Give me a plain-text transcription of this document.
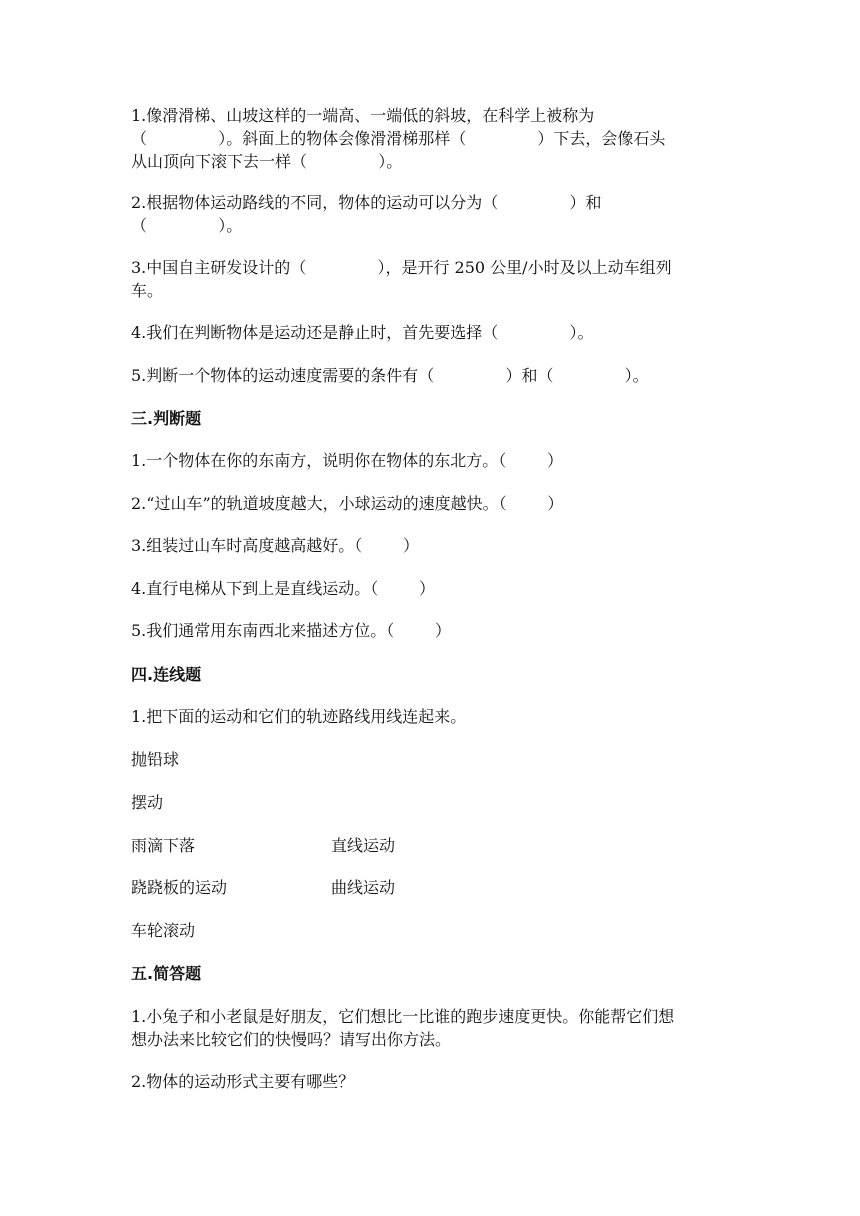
1.像滑滑梯、山坡这样的一端高、一端低的斜坡，在科学上被称为
（              ）。斜面上的物体会像滑滑梯那样（              ）下去，会像石头
从山顶向下滚下去一样（              ）。
2.根据物体运动路线的不同，物体的运动可以分为（              ）和
（              ）。
3.中国自主研发设计的（              ），是开行 250 公里/小时及以上动车组列
车。
4.我们在判断物体是运动还是静止时，首先要选择（              ）。
5.判断一个物体的运动速度需要的条件有（              ）和（              ）。
三.判断题
1.一个物体在你的东南方，说明你在物体的东北方。（        ）
2.“过山车”的轨道坡度越大，小球运动的速度越快。（        ）
3.组装过山车时高度越高越好。（        ）
4.直行电梯从下到上是直线运动。（        ）
5.我们通常用东南西北来描述方位。（        ）
四.连线题
1.把下面的运动和它们的轨迹路线用线连起来。
抛铅球
摆动
雨滴下落	直线运动
跷跷板的运动	曲线运动
车轮滚动
五.简答题
1.小兔子和小老鼠是好朋友，它们想比一比谁的跑步速度更快。你能帮它们想
想办法来比较它们的快慢吗？请写出你方法。
2.物体的运动形式主要有哪些？
